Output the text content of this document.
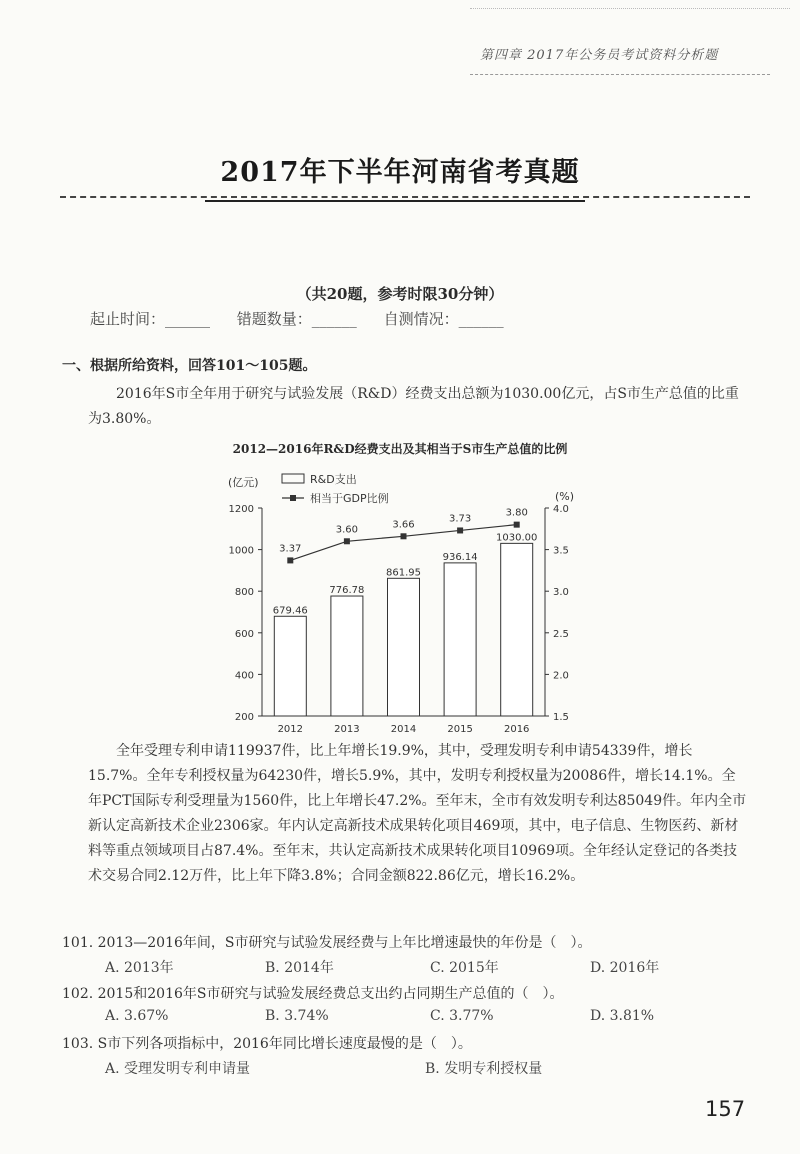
第四章 2017年公务员考试资料分析题
2017年下半年河南省考真题
（共20题，参考时限30分钟）
起止时间：______ 错题数量：______ 自测情况：______
一、根据所给资料，回答101～105题。
2016年S市全年用于研究与试验发展（R&D）经费支出总额为1030.00亿元，占S市生产总值的比重为3.80%。
2012—2016年R&D经费支出及其相当于S市生产总值的比例
(亿元)
(%)
R&D支出
相当于GDP比例
200
400
600
800
1000
1200
1.5
2.0
2.5
3.0
3.5
4.0
679.46
2012
776.78
2013
861.95
2014
936.14
2015
1030.00
2016
3.37
3.60	3.66
3.73
3.80
全年受理专利申请119937件，比上年增长19.9%，其中，受理发明专利申请54339件，增长15.7%。全年专利授权量为64230件，增长5.9%，其中，发明专利授权量为20086件，增长14.1%。全年PCT国际专利受理量为1560件，比上年增长47.2%。至年末，全市有效发明专利达85049件。年内全市新认定高新技术企业2306家。年内认定高新技术成果转化项目469项，其中，电子信息、生物医药、新材料等重点领域项目占87.4%。至年末，共认定高新技术成果转化项目10969项。全年经认定登记的各类技术交易合同2.12万件，比上年下降3.8%；合同金额822.86亿元，增长16.2%。
101. 2013—2016年间，S市研究与试验发展经费与上年比增速最快的年份是（　）。
A. 2013年	B. 2014年	C. 2015年	D. 2016年
102. 2015和2016年S市研究与试验发展经费总支出约占同期生产总值的（　）。
A. 3.67%	B. 3.74%	C. 3.77%	D. 3.81%
103. S市下列各项指标中，2016年同比增长速度最慢的是（　）。
A. 受理发明专利申请量	B. 发明专利授权量
157
